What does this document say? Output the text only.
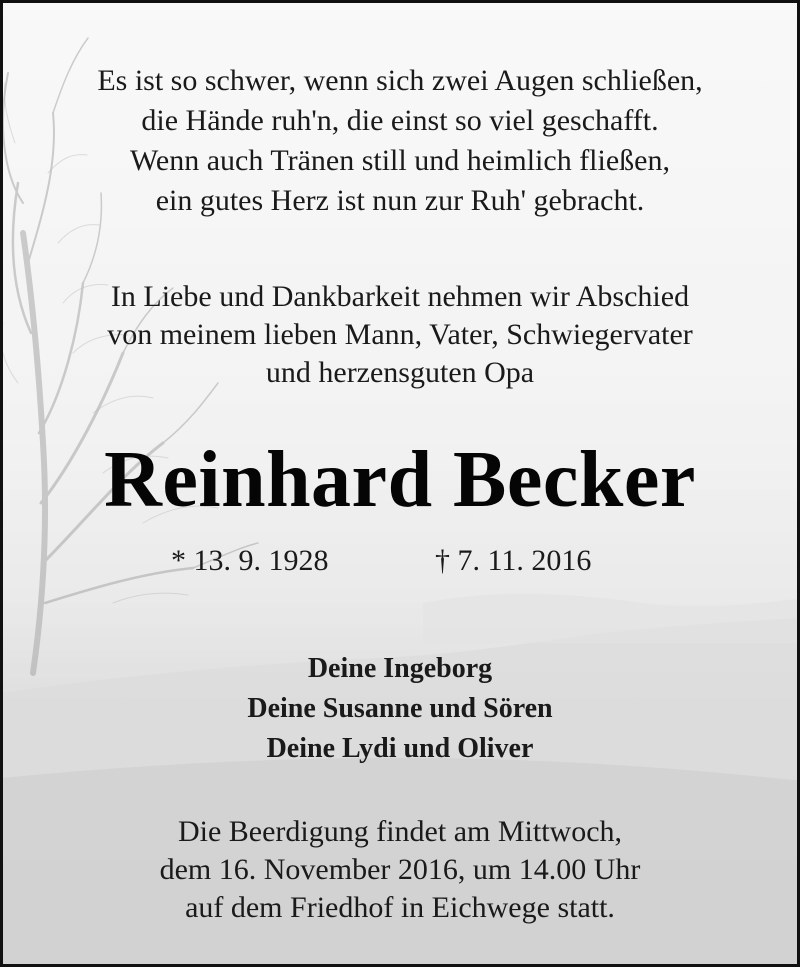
Es ist so schwer, wenn sich zwei Augen schließen,
die Hände ruh'n, die einst so viel geschafft.
Wenn auch Tränen still und heimlich fließen,
ein gutes Herz ist nun zur Ruh' gebracht.
In Liebe und Dankbarkeit nehmen wir Abschied
von meinem lieben Mann, Vater, Schwiegervater
und herzensguten Opa
Reinhard Becker
* 13. 9. 1928	† 7. 11. 2016
Deine Ingeborg
Deine Susanne und Sören
Deine Lydi und Oliver
Die Beerdigung findet am Mittwoch,
dem 16. November 2016, um 14.00 Uhr
auf dem Friedhof in Eichwege statt.
